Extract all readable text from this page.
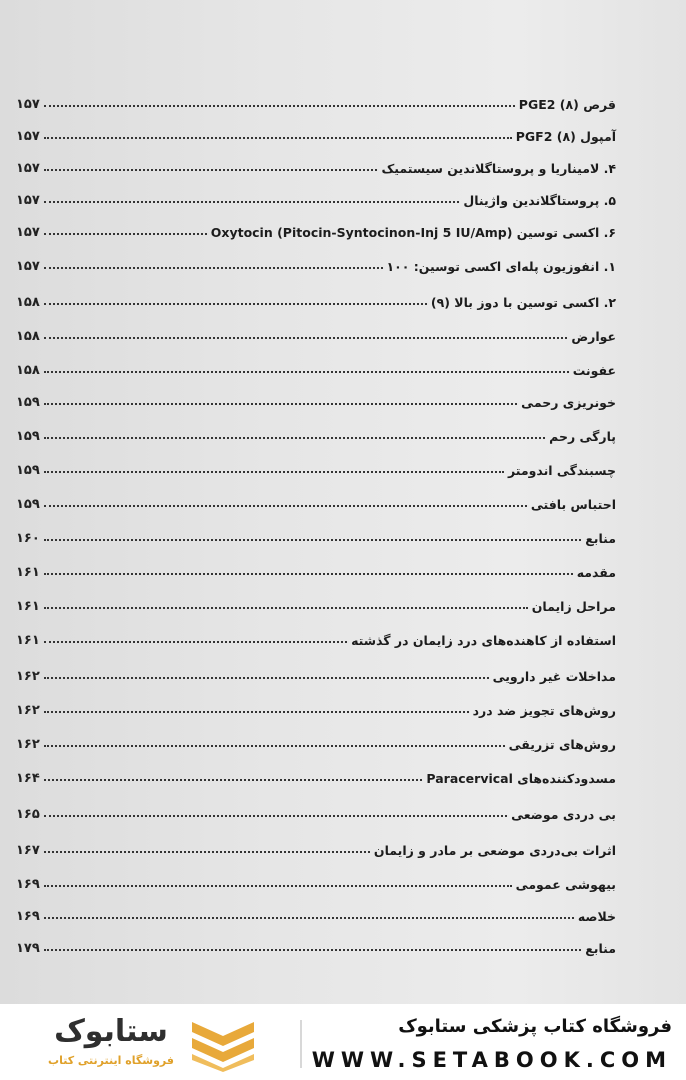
۱۵۷	قرص PGE2 (۸)
۱۵۷	آمپول PGF2 (۸)
۱۵۷	۴. لامیناریا و پروستاگلاندین سیستمیک
۱۵۷	۵. پروستاگلاندین واژینال
۱۵۷	۶. اکسی توسین (Oxytocin (Pitocin-Syntocinon-Inj 5 IU/Amp
۱۵۷	۱. انفوزیون پله‌ای اکسی توسین: ۱۰۰
۱۵۸	۲. اکسی توسین با دوز بالا (۹)
۱۵۸	عوارض
۱۵۸	عفونت
۱۵۹	خونریزی رحمی
۱۵۹	پارگی رحم
۱۵۹	چسبندگی اندومتر
۱۵۹	احتباس بافتی
۱۶۰	منابع
۱۶۱	مقدمه
۱۶۱	مراحل زایمان
۱۶۱	استفاده از کاهنده‌های درد زایمان در گذشته
۱۶۲	مداخلات غیر دارویی
۱۶۲	روش‌های تجویز ضد درد
۱۶۲	روش‌های تزریقی
۱۶۴	مسدودکننده‌های Paracervical
۱۶۵	بی دردی موضعی
۱۶۷	اثرات بی‌دردی موضعی بر مادر و زایمان
۱۶۹	بیهوشی عمومی
۱۶۹	خلاصه
۱۷۹	منابع
ستابوک
فروشگاه اینترنتی کتاب
فروشگاه کتاب پزشکی ستابوک
WWW.SETABOOK.COM
